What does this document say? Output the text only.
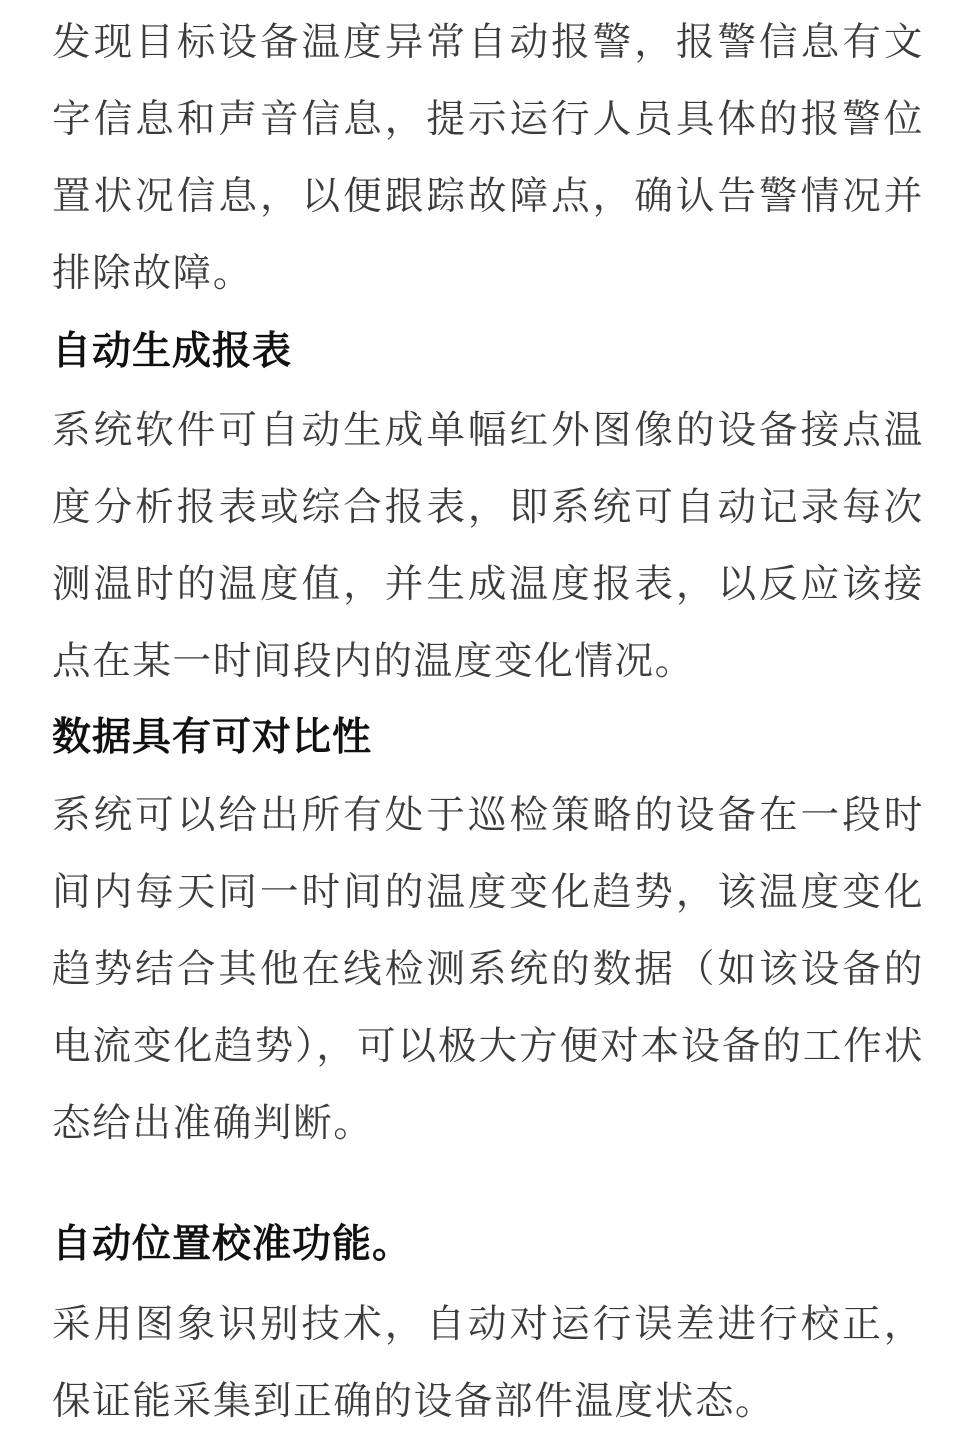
发现目标设备温度异常自动报警，报警信息有文字信息和声音信息，提示运行人员具体的报警位置状况信息，以便跟踪故障点，确认告警情况并排除故障。

自动生成报表

系统软件可自动生成单幅红外图像的设备接点温度分析报表或综合报表，即系统可自动记录每次测温时的温度值，并生成温度报表，以反应该接点在某一时间段内的温度变化情况。

数据具有可对比性

系统可以给出所有处于巡检策略的设备在一段时间内每天同一时间的温度变化趋势，该温度变化趋势结合其他在线检测系统的数据（如该设备的电流变化趋势），可以极大方便对本设备的工作状态给出准确判断。

自动位置校准功能。

采用图象识别技术，自动对运行误差进行校正，保证能采集到正确的设备部件温度状态。
